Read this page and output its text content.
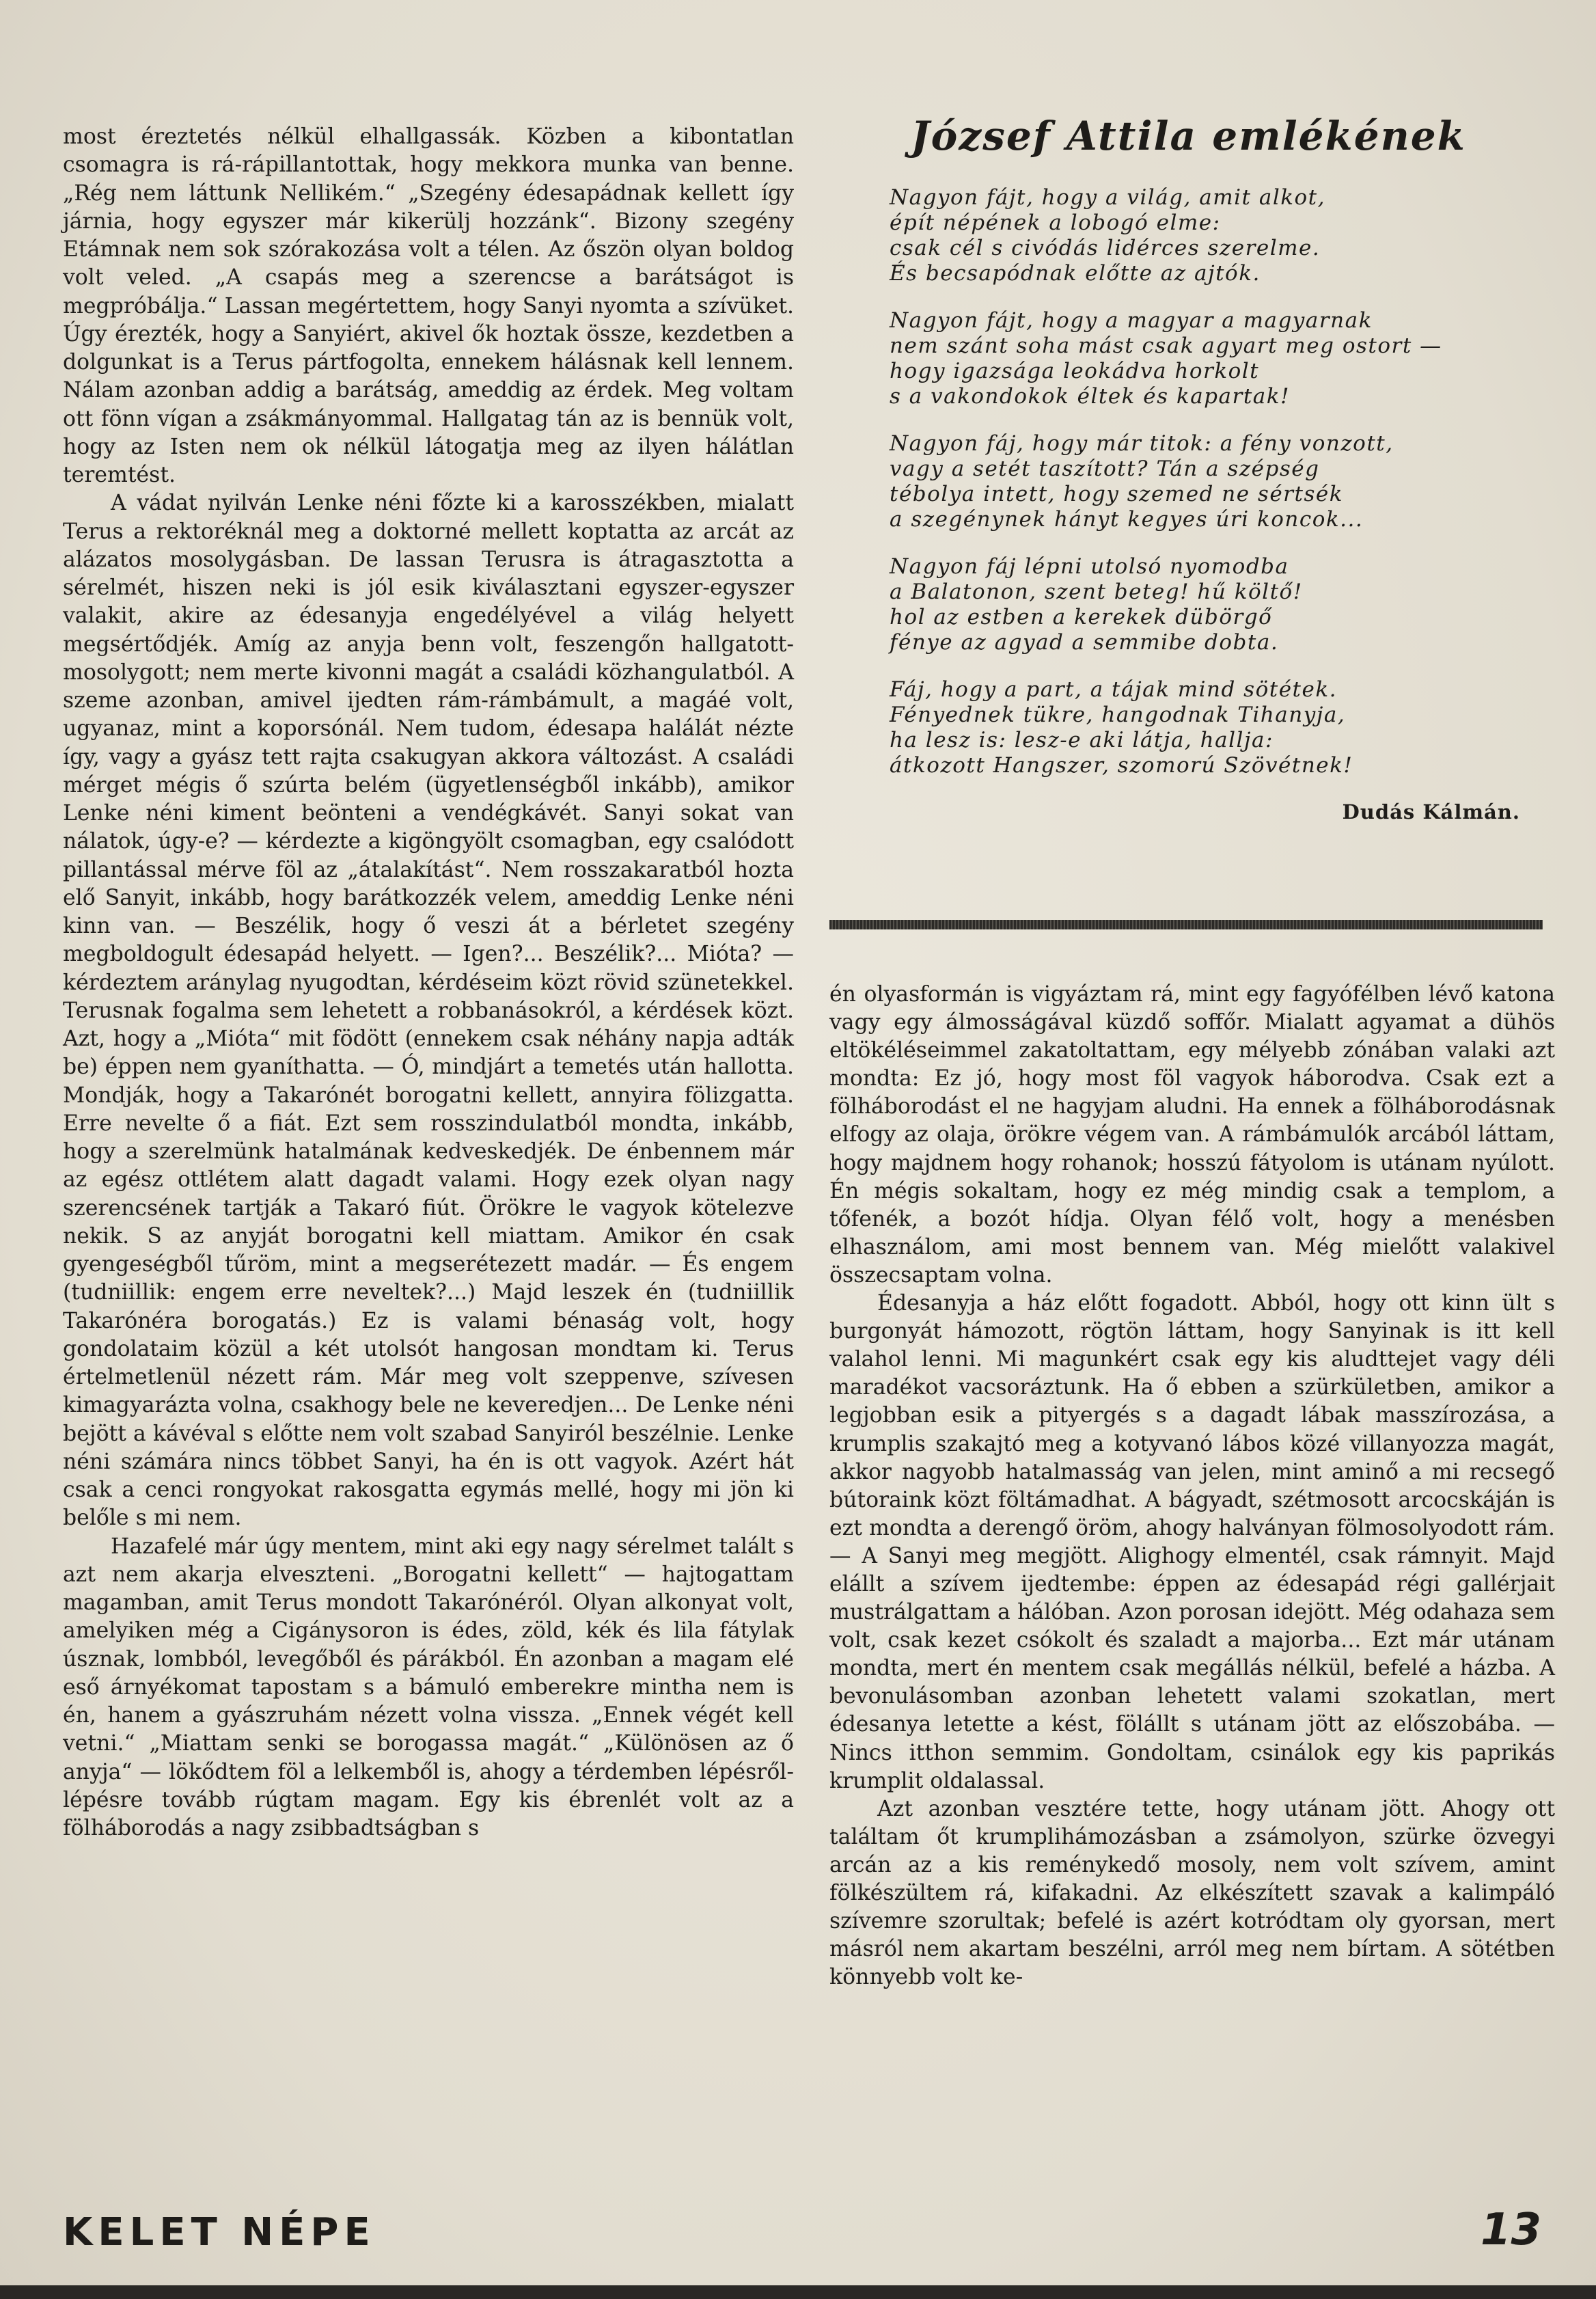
most éreztetés nélkül elhallgassák. Közben a kibontatlan csomagra is rá-rápillantottak, hogy mekkora munka van benne. „Rég nem láttunk Nellikém.“ „Szegény édesapádnak kellett így járnia, hogy egyszer már kikerülj hozzánk“. Bizony szegény Etámnak nem sok szórakozása volt a télen. Az őszön olyan boldog volt veled. „A csapás meg a szerencse a barátságot is megpróbálja.“ Lassan megértettem, hogy Sanyi nyomta a szívüket. Úgy érezték, hogy a Sanyiért, akivel ők hoztak össze, kezdetben a dolgunkat is a Terus pártfogolta, ennekem hálásnak kell lennem. Nálam azonban addig a barátság, ameddig az érdek. Meg voltam ott fönn vígan a zsákmányommal. Hallgatag tán az is bennük volt, hogy az Isten nem ok nélkül látogatja meg az ilyen hálátlan teremtést.

A vádat nyilván Lenke néni főzte ki a karosszékben, mialatt Terus a rektoréknál meg a doktorné mellett koptatta az arcát az alázatos mosolygásban. De lassan Terusra is átragasztotta a sérelmét, hiszen neki is jól esik kiválasztani egyszer-egyszer valakit, akire az édesanyja engedélyével a világ helyett megsértődjék. Amíg az anyja benn volt, feszengőn hallgatott-mosolygott; nem merte kivonni magát a családi közhangulatból. A szeme azonban, amivel ijedten rám-rámbámult, a magáé volt, ugyanaz, mint a koporsónál. Nem tudom, édesapa halálát nézte így, vagy a gyász tett rajta csakugyan akkora változást. A családi mérget mégis ő szúrta belém (ügyetlenségből inkább), amikor Lenke néni kiment beönteni a vendégkávét. Sanyi sokat van nálatok, úgy-e? — kérdezte a kigöngyölt csomagban, egy csalódott pillantással mérve föl az „átalakítást“. Nem rosszakaratból hozta elő Sanyit, inkább, hogy barátkozzék velem, ameddig Lenke néni kinn van. — Beszélik, hogy ő veszi át a bérletet szegény megboldogult édesapád helyett. — Igen?... Beszélik?... Mióta? — kérdeztem aránylag nyugodtan, kérdéseim közt rövid szünetekkel. Terusnak fogalma sem lehetett a robbanásokról, a kérdések közt. Azt, hogy a „Mióta“ mit födött (ennekem csak néhány napja adták be) éppen nem gyaníthatta. — Ó, mindjárt a temetés után hallotta. Mondják, hogy a Takarónét borogatni kellett, annyira fölizgatta. Erre nevelte ő a fiát. Ezt sem rosszindulatból mondta, inkább, hogy a szerelmünk hatalmának kedveskedjék. De énbennem már az egész ottlétem alatt dagadt valami. Hogy ezek olyan nagy szerencsének tartják a Takaró fiút. Örökre le vagyok kötelezve nekik. S az anyját borogatni kell miattam. Amikor én csak gyengeségből tűröm, mint a megserétezett madár. — És engem (tudniillik: engem erre neveltek?...) Majd leszek én (tudniillik Takarónéra borogatás.) Ez is valami bénaság volt, hogy gondolataim közül a két utolsót hangosan mondtam ki. Terus értelmetlenül nézett rám. Már meg volt szeppenve, szívesen kimagyarázta volna, csakhogy bele ne keveredjen... De Lenke néni bejött a kávéval s előtte nem volt szabad Sanyiról beszélnie. Lenke néni számára nincs többet Sanyi, ha én is ott vagyok. Azért hát csak a cenci rongyokat rakosgatta egymás mellé, hogy mi jön ki belőle s mi nem.

Hazafelé már úgy mentem, mint aki egy nagy sérelmet talált s azt nem akarja elveszteni. „Borogatni kellett“ — hajtogattam magamban, amit Terus mondott Takarónéról. Olyan alkonyat volt, amelyiken még a Cigánysoron is édes, zöld, kék és lila fátylak úsznak, lombból, levegőből és párákból. Én azonban a magam elé eső árnyékomat tapostam s a bámuló emberekre mintha nem is én, hanem a gyászruhám nézett volna vissza. „Ennek végét kell vetni.“ „Miattam senki se borogassa magát.“ „Különösen az ő anyja“ — lökődtem föl a lelkemből is, ahogy a térdemben lépésről-lépésre tovább rúgtam magam. Egy kis ébrenlét volt az a fölháborodás a nagy zsibbadtságban s

József Attila emlékének
Nagyon fájt, hogy a világ, amit alkot,
épít népének a lobogó elme:
csak cél s civódás lidérces szerelme.
És becsapódnak előtte az ajtók.
Nagyon fájt, hogy a magyar a magyarnak
nem szánt soha mást csak agyart meg ostort —
hogy igazsága leokádva horkolt
s a vakondokok éltek és kapartak!
Nagyon fáj, hogy már titok: a fény vonzott,
vagy a setét taszított? Tán a szépség
tébolya intett, hogy szemed ne sértsék
a szegénynek hányt kegyes úri koncok...
Nagyon fáj lépni utolsó nyomodba
a Balatonon, szent beteg! hű költő!
hol az estben a kerekek dübörgő
fénye az agyad a semmibe dobta.
Fáj, hogy a part, a tájak mind sötétek.
Fényednek tükre, hangodnak Tihanyja,
ha lesz is: lesz-e aki látja, hallja:
átkozott Hangszer, szomorú Szövétnek!
Dudás Kálmán.

én olyasformán is vigyáztam rá, mint egy fagyófélben lévő katona vagy egy álmosságával küzdő soffőr. Mialatt agyamat a dühös eltökéléseimmel zakatoltattam, egy mélyebb zónában valaki azt mondta: Ez jó, hogy most föl vagyok háborodva. Csak ezt a fölháborodást el ne hagyjam aludni. Ha ennek a fölháborodásnak elfogy az olaja, örökre végem van. A rámbámulók arcából láttam, hogy majdnem hogy rohanok; hosszú fátyolom is utánam nyúlott. Én mégis sokaltam, hogy ez még mindig csak a templom, a tőfenék, a bozót hídja. Olyan félő volt, hogy a menésben elhasználom, ami most bennem van. Még mielőtt valakivel összecsaptam volna.

Édesanyja a ház előtt fogadott. Abból, hogy ott kinn ült s burgonyát hámozott, rögtön láttam, hogy Sanyinak is itt kell valahol lenni. Mi magunkért csak egy kis aludttejet vagy déli maradékot vacsoráztunk. Ha ő ebben a szürkületben, amikor a legjobban esik a pityergés s a dagadt lábak masszírozása, a krumplis szakajtó meg a kotyvanó lábos közé villanyozza magát, akkor nagyobb hatalmasság van jelen, mint aminő a mi recsegő bútoraink közt föltámadhat. A bágyadt, szétmosott arcocskáján is ezt mondta a derengő öröm, ahogy halványan fölmosolyodott rám. — A Sanyi meg megjött. Alighogy elmentél, csak rámnyit. Majd elállt a szívem ijedtembe: éppen az édesapád régi gallérjait mustrálgattam a hálóban. Azon porosan idejött. Még odahaza sem volt, csak kezet csókolt és szaladt a majorba... Ezt már utánam mondta, mert én mentem csak megállás nélkül, befelé a házba. A bevonulásomban azonban lehetett valami szokatlan, mert édesanya letette a kést, fölállt s utánam jött az előszobába. — Nincs itthon semmim. Gondoltam, csinálok egy kis paprikás krumplit oldalassal.

Azt azonban vesztére tette, hogy utánam jött. Ahogy ott találtam őt krumplihámozásban a zsámolyon, szürke özvegyi arcán az a kis reménykedő mosoly, nem volt szívem, amint fölkészültem rá, kifakadni. Az elkészített szavak a kalimpáló szívemre szorultak; befelé is azért kotródtam oly gyorsan, mert másról nem akartam beszélni, arról meg nem bírtam. A sötétben könnyebb volt ke-

KELET NÉPE	13
